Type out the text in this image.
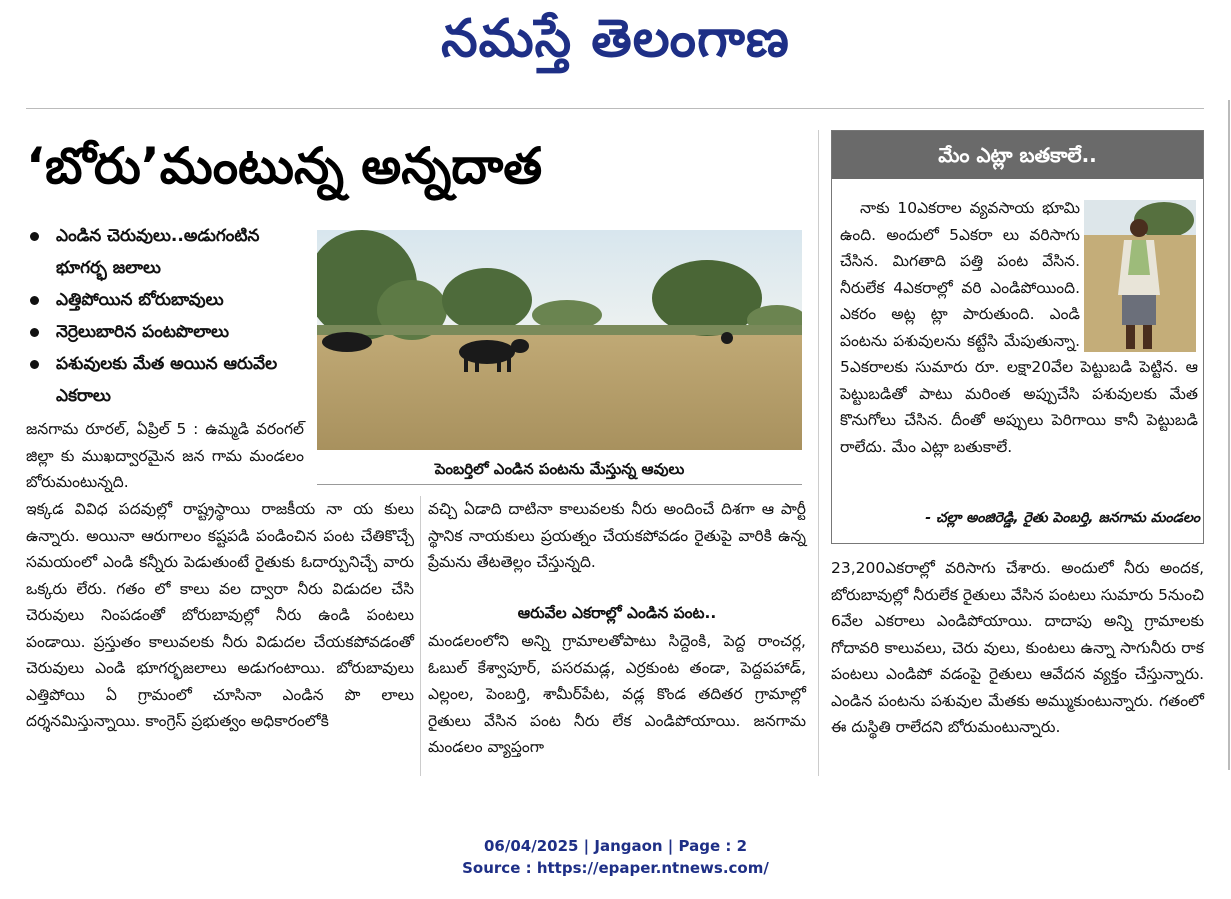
నమస్తే తెలంగాణ
‘బోరు’మంటున్న అన్నదాత
ఎండిన చెరువులు..అడుగంటిన భూగర్భ జలాలు
ఎత్తిపోయిన బోరుబావులు
నెర్రెలుబారిన పంటపొలాలు
పశువులకు మేత అయిన ఆరువేల ఎకరాలు
పెంబర్తిలో ఎండిన పంటను మేస్తున్న ఆవులు
జనగామ రూరల్, ఏప్రిల్ 5 : ఉమ్మడి వరంగల్ జిల్లా కు ముఖద్వారమైన జన గామ మండలం బోరుమంటున్నది.
ఇక్కడ వివిధ పదవుల్లో రాష్ట్రస్థాయి రాజకీయ నా య కులు ఉన్నారు. అయినా ఆరుగాలం కష్టపడి పండించిన పంట చేతికొచ్చే సమయంలో ఎండి కన్నీరు పెడుతుంటే రైతుకు ఓదార్పునిచ్చే వారు ఒక్కరు లేరు. గతం లో కాలు వల ద్వారా నీరు విడుదల చేసి చెరువులు నింపడంతో బోరుబావుల్లో నీరు ఉండి పంటలు పండాయి. ప్రస్తుతం కాలువలకు నీరు విడుదల చేయకపోవడంతో చెరువులు ఎండి భూగర్భజలాలు అడుగంటాయి. బోరుబావులు ఎత్తిపోయి ఏ గ్రామంలో చూసినా ఎండిన పొ లాలు దర్శనమిస్తున్నాయి. కాంగ్రెస్ ప్రభుత్వం అధికారంలోకి
వచ్చి ఏడాది దాటినా కాలువలకు నీరు అందించే దిశగా ఆ పార్టీ స్థానిక నాయకులు ప్రయత్నం చేయకపోవడం రైతుపై వారికి ఉన్న ప్రేమను తేటతెల్లం చేస్తున్నది.
ఆరువేల ఎకరాల్లో ఎండిన పంట..
మండలంలోని అన్ని గ్రామాలతోపాటు సిద్దెంకి, పెద్ద రాంచర్ల, ఓబుల్ కేశ్వాపూర్, పసరమడ్ల, ఎర్రకుంట తండా, పెద్దపహాడ్, ఎల్లంల, పెంబర్తి, శామీర్‌పేట, వడ్ల కొండ తదితర గ్రామాల్లో రైతులు వేసిన పంట నీరు లేక ఎండిపోయాయి. జనగామ మండలం వ్యాప్తంగా
మేం ఎట్లా బతకాలే..
నాకు 10ఎకరాల వ్యవసాయ భూమి ఉంది. అందులో 5ఎకరా లు వరిసాగు చేసిన. మిగతాది పత్తి పంట వేసిన. నీరులేక 4ఎకరాల్లో వరి ఎండిపోయింది. ఎకరం అట్ల ట్లా పారుతుంది. ఎండి పంటను పశువులను కట్టేసి మేపుతున్నా. 5ఎకరాలకు సుమారు రూ. లక్షా20వేల పెట్టుబడి పెట్టిన. ఆ పెట్టుబడితో పాటు మరింత అప్పుచేసి పశువులకు మేత కొనుగోలు చేసిన. దీంతో అప్పులు పెరిగాయి కానీ పెట్టుబడి రాలేదు. మేం ఎట్లా బతుకాలే.
- చల్లా అంజిరెడ్డి, రైతు పెంబర్తి, జనగామ మండలం
23,200ఎకరాల్లో వరిసాగు చేశారు. అందులో నీరు అందక, బోరుబావుల్లో నీరులేక రైతులు వేసిన పంటలు సుమారు 5నుంచి 6వేల ఎకరాలు ఎండిపోయాయి. దాదాపు అన్ని గ్రామాలకు గోదావరి కాలువలు, చెరు వులు, కుంటలు ఉన్నా సాగునీరు రాక పంటలు ఎండిపో వడంపై రైతులు ఆవేదన వ్యక్తం చేస్తున్నారు. ఎండిన పంటను పశువుల మేతకు అమ్ముకుంటున్నారు. గతంలో ఈ దుస్థితి రాలేదని బోరుమంటున్నారు.
06/04/2025 | Jangaon | Page : 2
Source : https://epaper.ntnews.com/
